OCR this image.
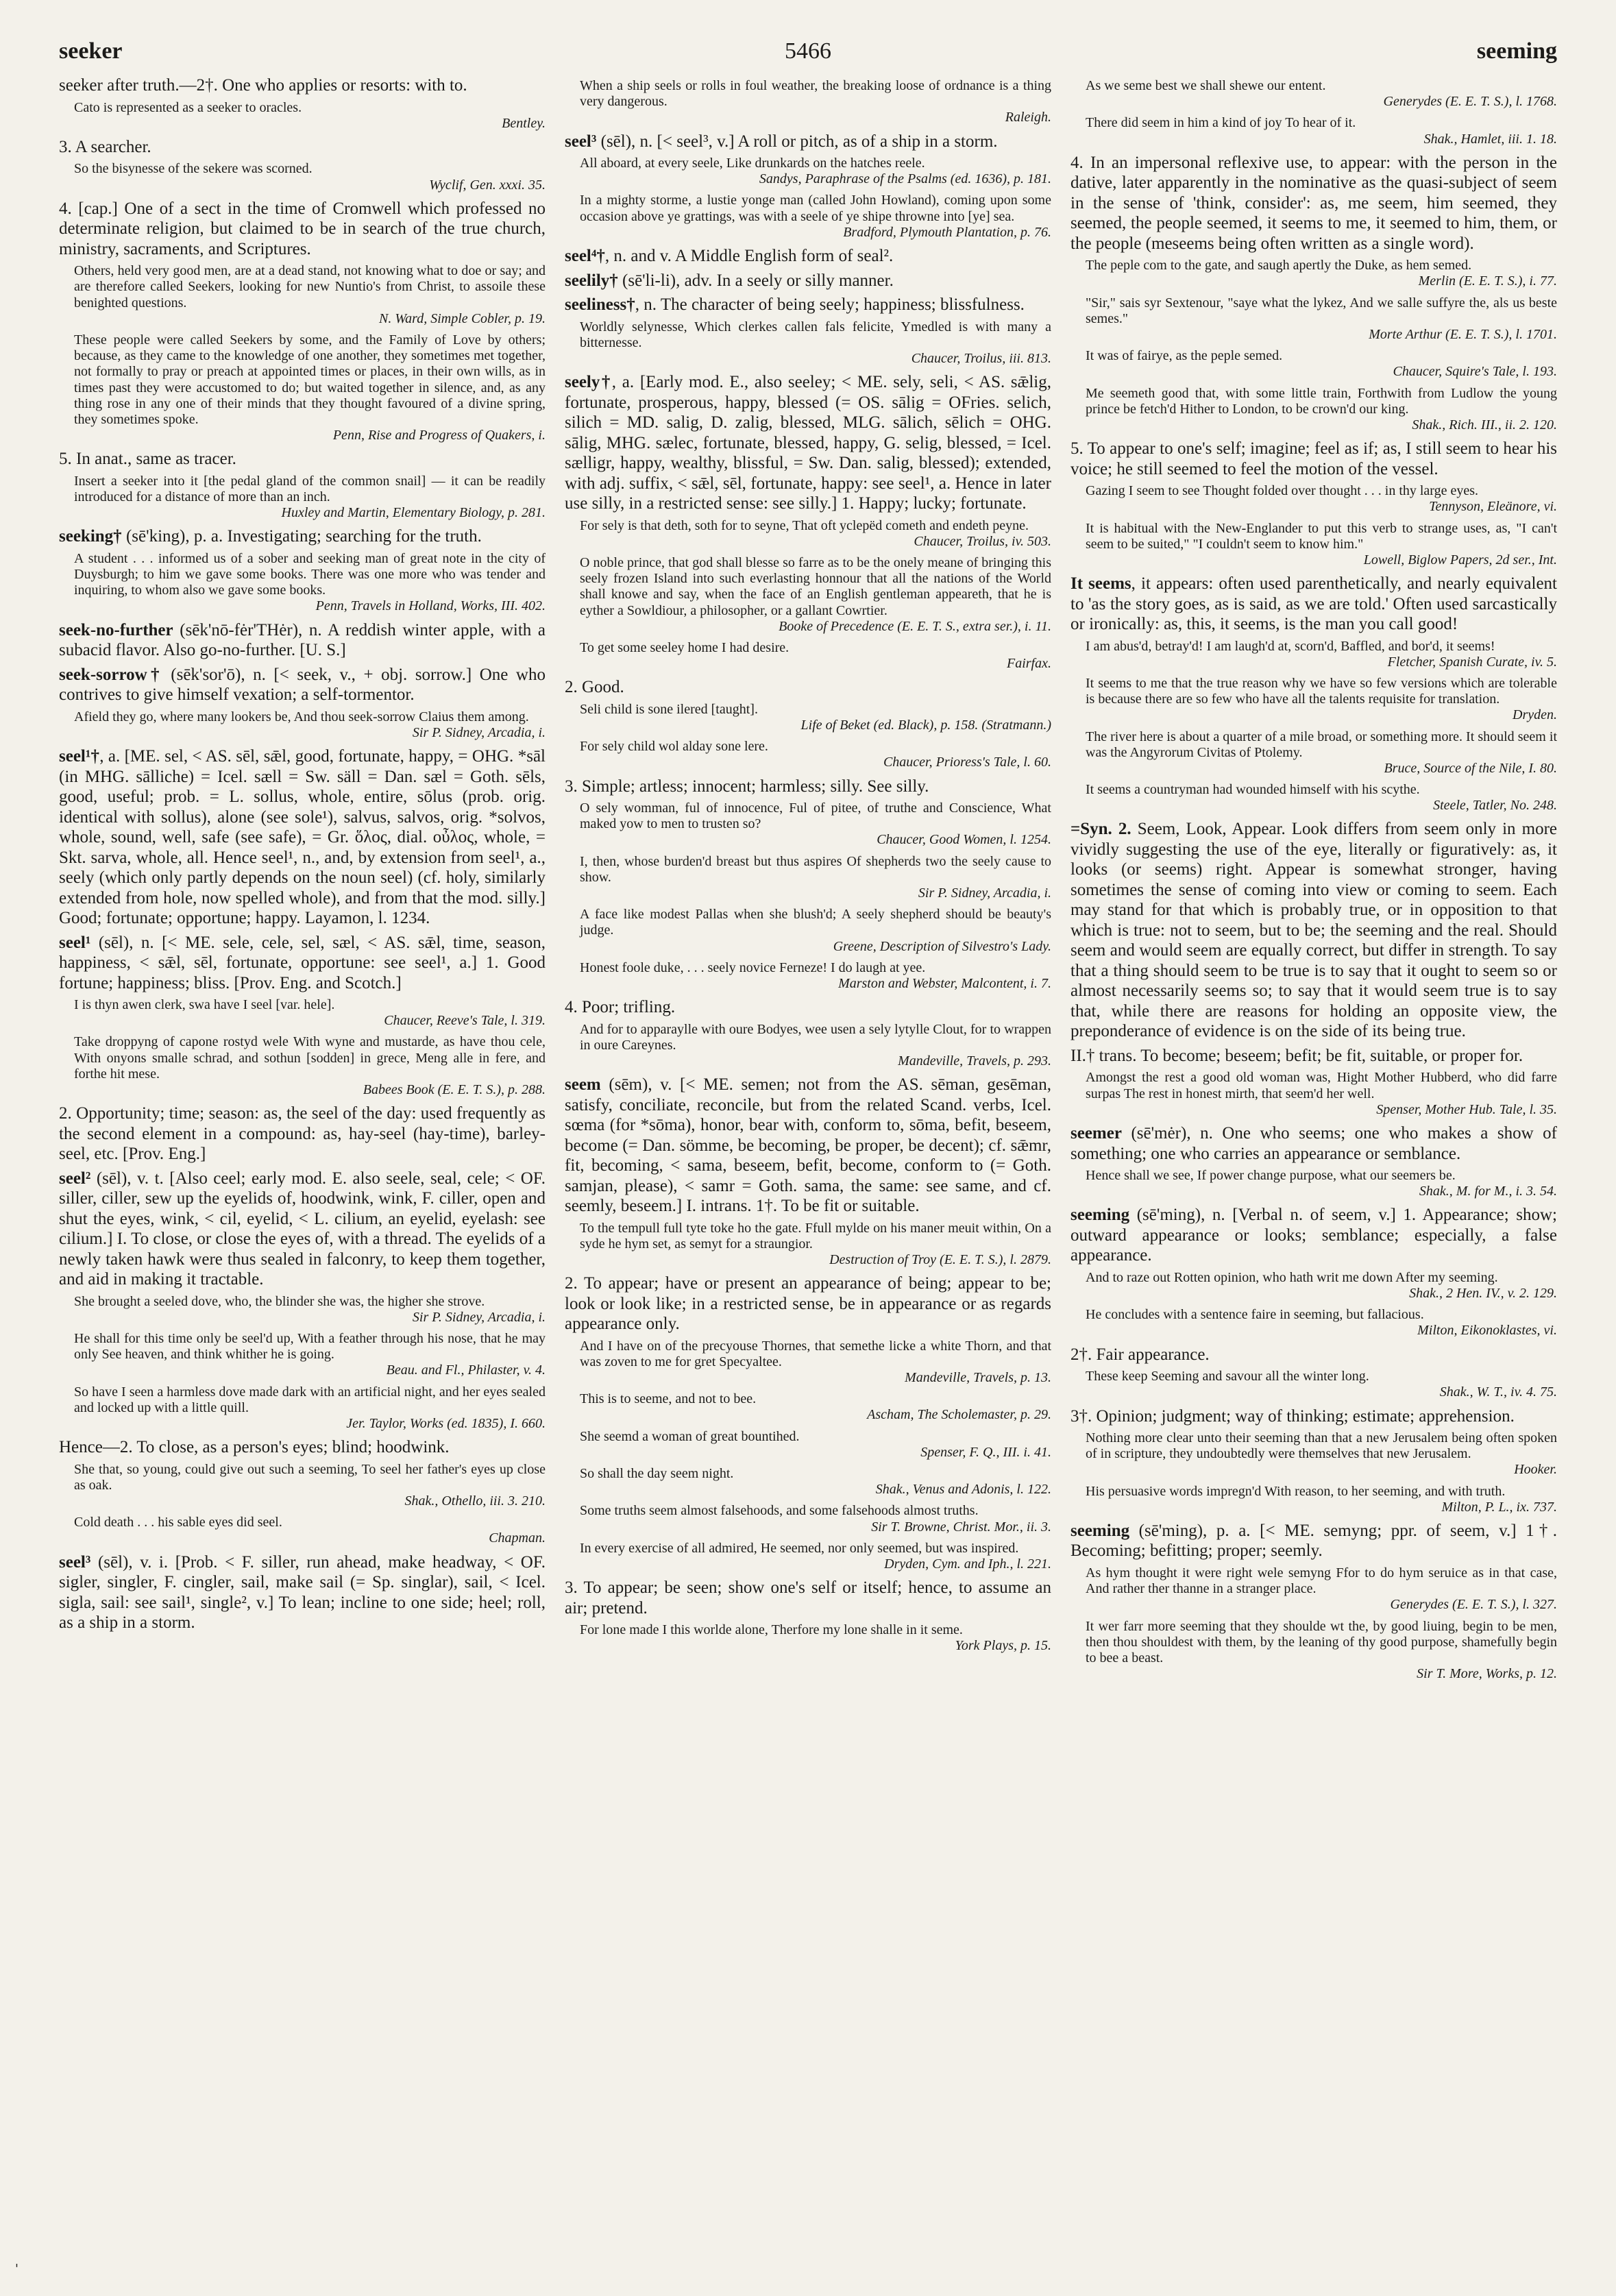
seeker	5466	seeming

seeker after truth.—2†. One who applies or resorts: with to.

Cato is represented as a seeker to oracles.
Bentley.

3. A searcher.

So the bisynesse of the sekere was scorned.
Wyclif, Gen. xxxi. 35.

4. [cap.] One of a sect in the time of Cromwell which professed no determinate religion, but claimed to be in search of the true church, ministry, sacraments, and Scriptures.

Others, held very good men, are at a dead stand, not knowing what to doe or say; and are therefore called Seekers, looking for new Nuntio's from Christ, to assoile these benighted questions.
N. Ward, Simple Cobler, p. 19.
These people were called Seekers by some, and the Family of Love by others; because, as they came to the knowledge of one another, they sometimes met together, not formally to pray or preach at appointed times or places, in their own wills, as in times past they were accustomed to do; but waited together in silence, and, as any thing rose in any one of their minds that they thought favoured of a divine spring, they sometimes spoke.
Penn, Rise and Progress of Quakers, i.

5. In anat., same as tracer.

Insert a seeker into it [the pedal gland of the common snail] — it can be readily introduced for a distance of more than an inch.
Huxley and Martin, Elementary Biology, p. 281.

seeking† (sē'king), p. a. Investigating; searching for the truth.

A student . . . informed us of a sober and seeking man of great note in the city of Duysburgh; to him we gave some books. There was one more who was tender and inquiring, to whom also we gave some books.
Penn, Travels in Holland, Works, III. 402.

seek-no-further (sēk'nō-fėr'THėr), n. A reddish winter apple, with a subacid flavor. Also go-no-further. [U. S.]

seek-sorrow† (sēk'sor'ō), n. [< seek, v., + obj. sorrow.] One who contrives to give himself vexation; a self-tormentor.

Afield they go, where many lookers be, And thou seek-sorrow Claius them among.
Sir P. Sidney, Arcadia, i.

seel¹†, a. [ME. sel, < AS. sēl, sǣl, good, fortunate, happy, = OHG. *sāl (in MHG. sālliche) = Icel. sæll = Sw. säll = Dan. sæl = Goth. sēls, good, useful; prob. = L. sollus, whole, entire, sōlus (prob. orig. identical with sollus), alone (see sole¹), salvus, salvos, orig. *solvos, whole, sound, well, safe (see safe), = Gr. ὅλος, dial. οὖλος, whole, = Skt. sarva, whole, all. Hence seel¹, n., and, by extension from seel¹, a., seely (which only partly depends on the noun seel) (cf. holy, similarly extended from hole, now spelled whole), and from that the mod. silly.] Good; fortunate; opportune; happy. Layamon, l. 1234.

seel¹ (sēl), n. [< ME. sele, cele, sel, sæl, < AS. sǣl, time, season, happiness, < sǣl, sēl, fortunate, opportune: see seel¹, a.] 1. Good fortune; happiness; bliss. [Prov. Eng. and Scotch.]

I is thyn awen clerk, swa have I seel [var. hele].
Chaucer, Reeve's Tale, l. 319.
Take droppyng of capone rostyd wele With wyne and mustarde, as have thou cele, With onyons smalle schrad, and sothun [sodden] in grece, Meng alle in fere, and forthe hit mese.
Babees Book (E. E. T. S.), p. 288.

2. Opportunity; time; season: as, the seel of the day: used frequently as the second element in a compound: as, hay-seel (hay-time), barley-seel, etc. [Prov. Eng.]

seel² (sēl), v. t. [Also ceel; early mod. E. also seele, seal, cele; < OF. siller, ciller, sew up the eyelids of, hoodwink, wink, F. ciller, open and shut the eyes, wink, < cil, eyelid, < L. cilium, an eyelid, eyelash: see cilium.] I. To close, or close the eyes of, with a thread. The eyelids of a newly taken hawk were thus sealed in falconry, to keep them together, and aid in making it tractable.

She brought a seeled dove, who, the blinder she was, the higher she strove.
Sir P. Sidney, Arcadia, i.
He shall for this time only be seel'd up, With a feather through his nose, that he may only See heaven, and think whither he is going.
Beau. and Fl., Philaster, v. 4.
So have I seen a harmless dove made dark with an artificial night, and her eyes sealed and locked up with a little quill.
Jer. Taylor, Works (ed. 1835), I. 660.

Hence—2. To close, as a person's eyes; blind; hoodwink.

She that, so young, could give out such a seeming, To seel her father's eyes up close as oak.
Shak., Othello, iii. 3. 210.
Cold death . . . his sable eyes did seel.
Chapman.

seel³ (sēl), v. i. [Prob. < F. siller, run ahead, make headway, < OF. sigler, singler, F. cingler, sail, make sail (= Sp. singlar), sail, < Icel. sigla, sail: see sail¹, single², v.] To lean; incline to one side; heel; roll, as a ship in a storm.

When a ship seels or rolls in foul weather, the breaking loose of ordnance is a thing very dangerous.
Raleigh.

seel³ (sēl), n. [< seel³, v.] A roll or pitch, as of a ship in a storm.

All aboard, at every seele, Like drunkards on the hatches reele.
Sandys, Paraphrase of the Psalms (ed. 1636), p. 181.
In a mighty storme, a lustie yonge man (called John Howland), coming upon some occasion above ye grattings, was with a seele of ye shipe throwne into [ye] sea.
Bradford, Plymouth Plantation, p. 76.

seel⁴†, n. and v. A Middle English form of seal².

seelily† (sē'li-li), adv. In a seely or silly manner.

seeliness†, n. The character of being seely; happiness; blissfulness.

Worldly selynesse, Which clerkes callen fals felicite, Ymedled is with many a bitternesse.
Chaucer, Troilus, iii. 813.

seely†, a. [Early mod. E., also seeley; < ME. sely, seli, < AS. sǣlig, fortunate, prosperous, happy, blessed (= OS. sālig = OFries. selich, silich = MD. salig, D. zalig, blessed, MLG. sālich, sēlich = OHG. sālig, MHG. sælec, fortunate, blessed, happy, G. selig, blessed, = Icel. sælligr, happy, wealthy, blissful, = Sw. Dan. salig, blessed); extended, with adj. suffix, < sǣl, sēl, fortunate, happy: see seel¹, a. Hence in later use silly, in a restricted sense: see silly.] 1. Happy; lucky; fortunate.

For sely is that deth, soth for to seyne, That oft yclepëd cometh and endeth peyne.
Chaucer, Troilus, iv. 503.
O noble prince, that god shall blesse so farre as to be the onely meane of bringing this seely frozen Island into such everlasting honnour that all the nations of the World shall knowe and say, when the face of an English gentleman appeareth, that he is eyther a Sowldiour, a philosopher, or a gallant Cowrtier.
Booke of Precedence (E. E. T. S., extra ser.), i. 11.
To get some seeley home I had desire.
Fairfax.

2. Good.

Seli child is sone ilered [taught].
Life of Beket (ed. Black), p. 158. (Stratmann.)
For sely child wol alday sone lere.
Chaucer, Prioress's Tale, l. 60.

3. Simple; artless; innocent; harmless; silly. See silly.

O sely womman, ful of innocence, Ful of pitee, of truthe and Conscience, What maked yow to men to trusten so?
Chaucer, Good Women, l. 1254.
I, then, whose burden'd breast but thus aspires Of shepherds two the seely cause to show.
Sir P. Sidney, Arcadia, i.
A face like modest Pallas when she blush'd; A seely shepherd should be beauty's judge.
Greene, Description of Silvestro's Lady.
Honest foole duke, . . . seely novice Ferneze! I do laugh at yee.
Marston and Webster, Malcontent, i. 7.

4. Poor; trifling.

And for to apparaylle with oure Bodyes, wee usen a sely lytylle Clout, for to wrappen in oure Careynes.
Mandeville, Travels, p. 293.

seem (sēm), v. [< ME. semen; not from the AS. sēman, gesēman, satisfy, conciliate, reconcile, but from the related Scand. verbs, Icel. sœma (for *sōma), honor, bear with, conform to, sōma, befit, beseem, become (= Dan. sömme, be becoming, be proper, be decent); cf. sǣmr, fit, becoming, < sama, beseem, befit, become, conform to (= Goth. samjan, please), < samr = Goth. sama, the same: see same, and cf. seemly, beseem.] I. intrans. 1†. To be fit or suitable.

To the tempull full tyte toke ho the gate. Ffull mylde on his maner meuit within, On a syde he hym set, as semyt for a straungior.
Destruction of Troy (E. E. T. S.), l. 2879.

2. To appear; have or present an appearance of being; appear to be; look or look like; in a restricted sense, be in appearance or as regards appearance only.

And I have on of the precyouse Thornes, that semethe licke a white Thorn, and that was zoven to me for gret Specyaltee.
Mandeville, Travels, p. 13.
This is to seeme, and not to bee.
Ascham, The Scholemaster, p. 29.
She seemd a woman of great bountihed.
Spenser, F. Q., III. i. 41.
So shall the day seem night.
Shak., Venus and Adonis, l. 122.
Some truths seem almost falsehoods, and some falsehoods almost truths.
Sir T. Browne, Christ. Mor., ii. 3.
In every exercise of all admired, He seemed, nor only seemed, but was inspired.
Dryden, Cym. and Iph., l. 221.

3. To appear; be seen; show one's self or itself; hence, to assume an air; pretend.

For lone made I this worlde alone, Therfore my lone shalle in it seme.
York Plays, p. 15.
As we seme best we shall shewe our entent.
Generydes (E. E. T. S.), l. 1768.
There did seem in him a kind of joy To hear of it.
Shak., Hamlet, iii. 1. 18.

4. In an impersonal reflexive use, to appear: with the person in the dative, later apparently in the nominative as the quasi-subject of seem in the sense of 'think, consider': as, me seem, him seemed, they seemed, the people seemed, it seems to me, it seemed to him, them, or the people (meseems being often written as a single word).

The peple com to the gate, and saugh apertly the Duke, as hem semed.
Merlin (E. E. T. S.), i. 77.
"Sir," sais syr Sextenour, "saye what the lykez, And we salle suffyre the, als us beste semes."
Morte Arthur (E. E. T. S.), l. 1701.
It was of fairye, as the peple semed.
Chaucer, Squire's Tale, l. 193.
Me seemeth good that, with some little train, Forthwith from Ludlow the young prince be fetch'd Hither to London, to be crown'd our king.
Shak., Rich. III., ii. 2. 120.

5. To appear to one's self; imagine; feel as if; as, I still seem to hear his voice; he still seemed to feel the motion of the vessel.

Gazing I seem to see Thought folded over thought . . . in thy large eyes.
Tennyson, Eleänore, vi.
It is habitual with the New-Englander to put this verb to strange uses, as, "I can't seem to be suited," "I couldn't seem to know him."
Lowell, Biglow Papers, 2d ser., Int.

It seems, it appears: often used parenthetically, and nearly equivalent to 'as the story goes, as is said, as we are told.' Often used sarcastically or ironically: as, this, it seems, is the man you call good!

I am abus'd, betray'd! I am laugh'd at, scorn'd, Baffled, and bor'd, it seems!
Fletcher, Spanish Curate, iv. 5.
It seems to me that the true reason why we have so few versions which are tolerable is because there are so few who have all the talents requisite for translation.
Dryden.
The river here is about a quarter of a mile broad, or something more. It should seem it was the Angyrorum Civitas of Ptolemy.
Bruce, Source of the Nile, I. 80.
It seems a countryman had wounded himself with his scythe.
Steele, Tatler, No. 248.

=Syn. 2. Seem, Look, Appear. Look differs from seem only in more vividly suggesting the use of the eye, literally or figuratively: as, it looks (or seems) right. Appear is somewhat stronger, having sometimes the sense of coming into view or coming to seem. Each may stand for that which is probably true, or in opposition to that which is true: not to seem, but to be; the seeming and the real. Should seem and would seem are equally correct, but differ in strength. To say that a thing should seem to be true is to say that it ought to seem so or almost necessarily seems so; to say that it would seem true is to say that, while there are reasons for holding an opposite view, the preponderance of evidence is on the side of its being true.

II.† trans. To become; beseem; befit; be fit, suitable, or proper for.

Amongst the rest a good old woman was, Hight Mother Hubberd, who did farre surpas The rest in honest mirth, that seem'd her well.
Spenser, Mother Hub. Tale, l. 35.

seemer (sē'mėr), n. One who seems; one who makes a show of something; one who carries an appearance or semblance.

Hence shall we see, If power change purpose, what our seemers be.
Shak., M. for M., i. 3. 54.

seeming (sē'ming), n. [Verbal n. of seem, v.] 1. Appearance; show; outward appearance or looks; semblance; especially, a false appearance.

And to raze out Rotten opinion, who hath writ me down After my seeming.
Shak., 2 Hen. IV., v. 2. 129.
He concludes with a sentence faire in seeming, but fallacious.
Milton, Eikonoklastes, vi.

2†. Fair appearance.

These keep Seeming and savour all the winter long.
Shak., W. T., iv. 4. 75.

3†. Opinion; judgment; way of thinking; estimate; apprehension.

Nothing more clear unto their seeming than that a new Jerusalem being often spoken of in scripture, they undoubtedly were themselves that new Jerusalem.
Hooker.
His persuasive words impregn'd With reason, to her seeming, and with truth.
Milton, P. L., ix. 737.

seeming (sē'ming), p. a. [< ME. semyng; ppr. of seem, v.] 1†. Becoming; befitting; proper; seemly.

As hym thought it were right wele semyng Ffor to do hym seruice as in that case, And rather ther thanne in a stranger place.
Generydes (E. E. T. S.), l. 327.
It wer farr more seeming that they shoulde wt the, by good liuing, begin to be men, then thou shouldest with them, by the leaning of thy good purpose, shamefully begin to bee a beast.
Sir T. More, Works, p. 12.
'
